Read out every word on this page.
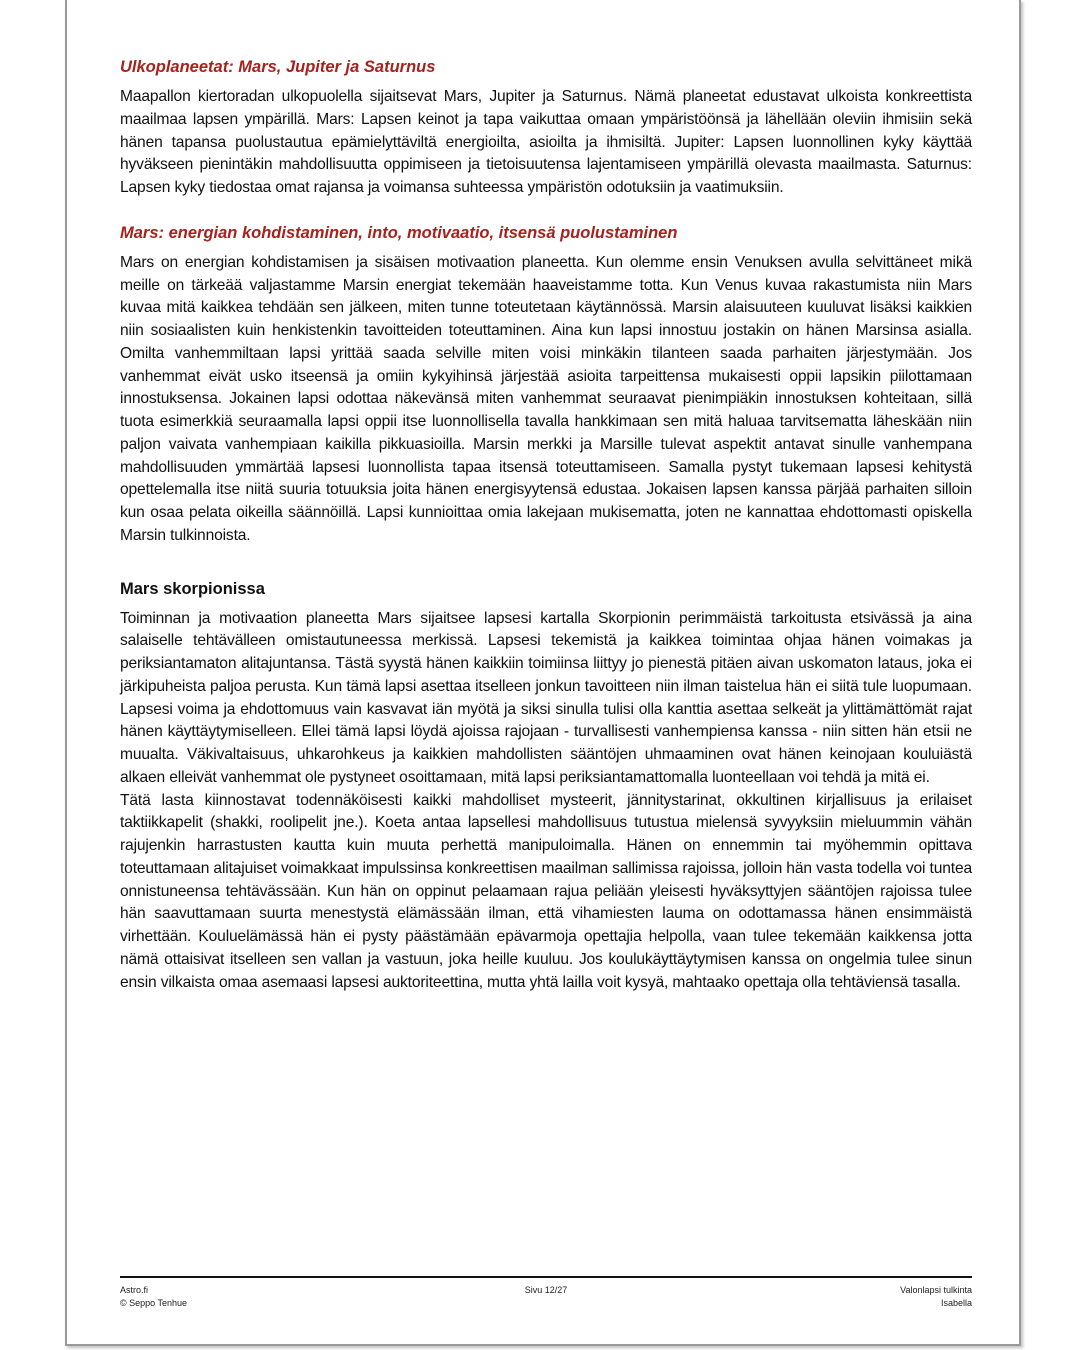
Ulkoplaneetat: Mars, Jupiter ja Saturnus

Maapallon kiertoradan ulkopuolella sijaitsevat Mars, Jupiter ja Saturnus. Nämä planeetat edustavat ulkoista konkreettista maailmaa lapsen ympärillä. Mars: Lapsen keinot ja tapa vaikuttaa omaan ympäristöönsä ja lähellään oleviin ihmisiin sekä hänen tapansa puolustautua epämielyttäviltä energioilta, asioilta ja ihmisiltä. Jupiter: Lapsen luonnollinen kyky käyttää hyväkseen pienintäkin mahdollisuutta oppimiseen ja tietoisuutensa lajentamiseen ympärillä olevasta maailmasta. Saturnus: Lapsen kyky tiedostaa omat rajansa ja voimansa suhteessa ympäristön odotuksiin ja vaatimuksiin.

Mars: energian kohdistaminen, into, motivaatio, itsensä puolustaminen

Mars on energian kohdistamisen ja sisäisen motivaation planeetta. Kun olemme ensin Venuksen avulla selvittäneet mikä meille on tärkeää valjastamme Marsin energiat tekemään haaveistamme totta. Kun Venus kuvaa rakastumista niin Mars kuvaa mitä kaikkea tehdään sen jälkeen, miten tunne toteutetaan käytännössä. Marsin alaisuuteen kuuluvat lisäksi kaikkien niin sosiaalisten kuin henkistenkin tavoitteiden toteuttaminen. Aina kun lapsi innostuu jostakin on hänen Marsinsa asialla. Omilta vanhemmiltaan lapsi yrittää saada selville miten voisi minkäkin tilanteen saada parhaiten järjestymään. Jos vanhemmat eivät usko itseensä ja omiin kykyihinsä järjestää asioita tarpeittensa mukaisesti oppii lapsikin piilottamaan innostuksensa. Jokainen lapsi odottaa näkevänsä miten vanhemmat seuraavat pienimpiäkin innostuksen kohteitaan, sillä tuota esimerkkiä seuraamalla lapsi oppii itse luonnollisella tavalla hankkimaan sen mitä haluaa tarvitsematta läheskään niin paljon vaivata vanhempiaan kaikilla pikkuasioilla. Marsin merkki ja Marsille tulevat aspektit antavat sinulle vanhempana mahdollisuuden ymmärtää lapsesi luonnollista tapaa itsensä toteuttamiseen. Samalla pystyt tukemaan lapsesi kehitystä opettelemalla itse niitä suuria totuuksia joita hänen energisyytensä edustaa. Jokaisen lapsen kanssa pärjää parhaiten silloin kun osaa pelata oikeilla säännöillä. Lapsi kunnioittaa omia lakejaan mukisematta, joten ne kannattaa ehdottomasti opiskella Marsin tulkinnoista.

Mars skorpionissa

Toiminnan ja motivaation planeetta Mars sijaitsee lapsesi kartalla Skorpionin perimmäistä tarkoitusta etsivässä ja aina salaiselle tehtävälleen omistautuneessa merkissä. Lapsesi tekemistä ja kaikkea toimintaa ohjaa hänen voimakas ja periksiantamaton alitajuntansa. Tästä syystä hänen kaikkiin toimiinsa liittyy jo pienestä pitäen aivan uskomaton lataus, joka ei järkipuheista paljoa perusta. Kun tämä lapsi asettaa itselleen jonkun tavoitteen niin ilman taistelua hän ei siitä tule luopumaan. Lapsesi voima ja ehdottomuus vain kasvavat iän myötä ja siksi sinulla tulisi olla kanttia asettaa selkeät ja ylittämättömät rajat hänen käyttäytymiselleen. Ellei tämä lapsi löydä ajoissa rajojaan - turvallisesti vanhempiensa kanssa - niin sitten hän etsii ne muualta. Väkivaltaisuus, uhkarohkeus ja kaikkien mahdollisten sääntöjen uhmaaminen ovat hänen keinojaan kouluiästä alkaen elleivät vanhemmat ole pystyneet osoittamaan, mitä lapsi periksiantamattomalla luonteellaan voi tehdä ja mitä ei.

Tätä lasta kiinnostavat todennäköisesti kaikki mahdolliset mysteerit, jännitystarinat, okkultinen kirjallisuus ja erilaiset taktiikkapelit (shakki, roolipelit jne.). Koeta antaa lapsellesi mahdollisuus tutustua mielensä syvyyksiin mieluummin vähän rajujenkin harrastusten kautta kuin muuta perhettä manipuloimalla. Hänen on ennemmin tai myöhemmin opittava toteuttamaan alitajuiset voimakkaat impulssinsa konkreettisen maailman sallimissa rajoissa, jolloin hän vasta todella voi tuntea onnistuneensa tehtävässään. Kun hän on oppinut pelaamaan rajua peliään yleisesti hyväksyttyjen sääntöjen rajoissa tulee hän saavuttamaan suurta menestystä elämässään ilman, että vihamiesten lauma on odottamassa hänen ensimmäistä virhettään. Kouluelämässä hän ei pysty päästämään epävarmoja opettajia helpolla, vaan tulee tekemään kaikkensa jotta nämä ottaisivat itselleen sen vallan ja vastuun, joka heille kuuluu. Jos koulukäyttäytymisen kanssa on ongelmia tulee sinun ensin vilkaista omaa asemaasi lapsesi auktoriteettina, mutta yhtä lailla voit kysyä, mahtaako opettaja olla tehtäviensä tasalla.

Sivu 12/27
Astro.fi
© Seppo Tenhue
Valonlapsi tulkinta
Isabella
